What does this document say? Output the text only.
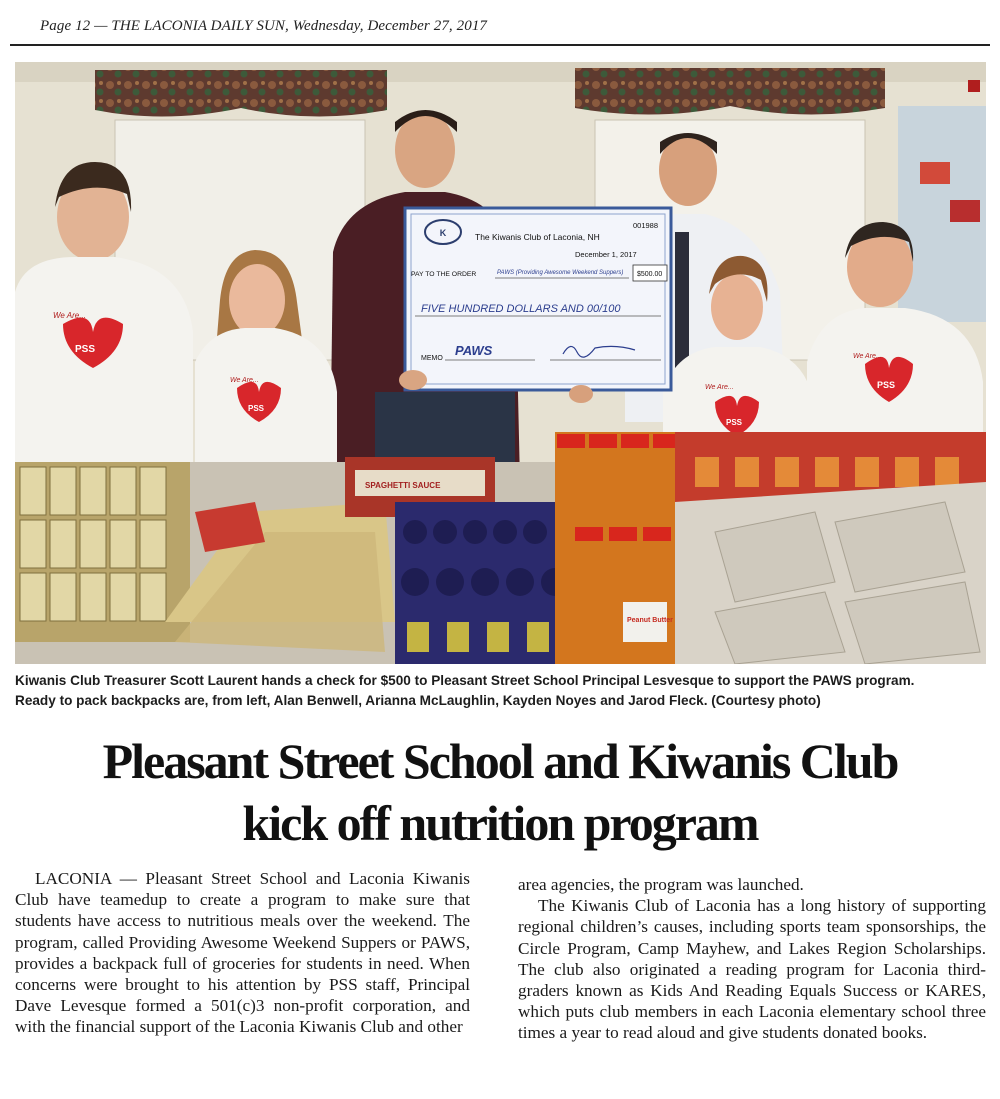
Page 12 — THE LACONIA DAILY SUN, Wednesday, December 27, 2017
PSS
We Are...
PSS
We Are...
PSS
We Are...	PSS
We Are...
K	The Kiwanis Club of Laconia, NH
001988
December 1, 2017
PAY TO THE ORDER	PAWS (Providing Awesome Weekend Suppers) $500.00
FIVE HUNDRED DOLLARS AND 00/100
MEMO
PAWS
SPAGHETTI SAUCE
Peanut Butter

Kiwanis Club Treasurer Scott Laurent hands a check for $500 to Pleasant Street School Principal Lesvesque to support the PAWS program.

Ready to pack backpacks are, from left, Alan Benwell, Arianna McLaughlin, Kayden Noyes and Jarod Fleck. (Courtesy photo)

Pleasant Street School and Kiwanis Club

kick off nutrition program

LACONIA — Pleasant Street School and Laconia Kiwanis Club have teamedup to create a program to make sure that students have access to nutritious meals over the weekend. The program, called Providing Awesome Weekend Suppers or PAWS, provides a backpack full of groceries for students in need. When concerns were brought to his attention by PSS staff, Principal Dave Levesque formed a 501(c)3 non-profit corporation, and with the financial support of the Laconia Kiwanis Club and other

area agencies, the program was launched.

The Kiwanis Club of Laconia has a long history of supporting regional children’s causes, including sports team sponsorships, the Circle Program, Camp Mayhew, and Lakes Region Scholarships. The club also originated a reading program for Laconia third-graders known as Kids And Reading Equals Success or KARES, which puts club members in each Laconia elementary school three times a year to read aloud and give students donated books.
